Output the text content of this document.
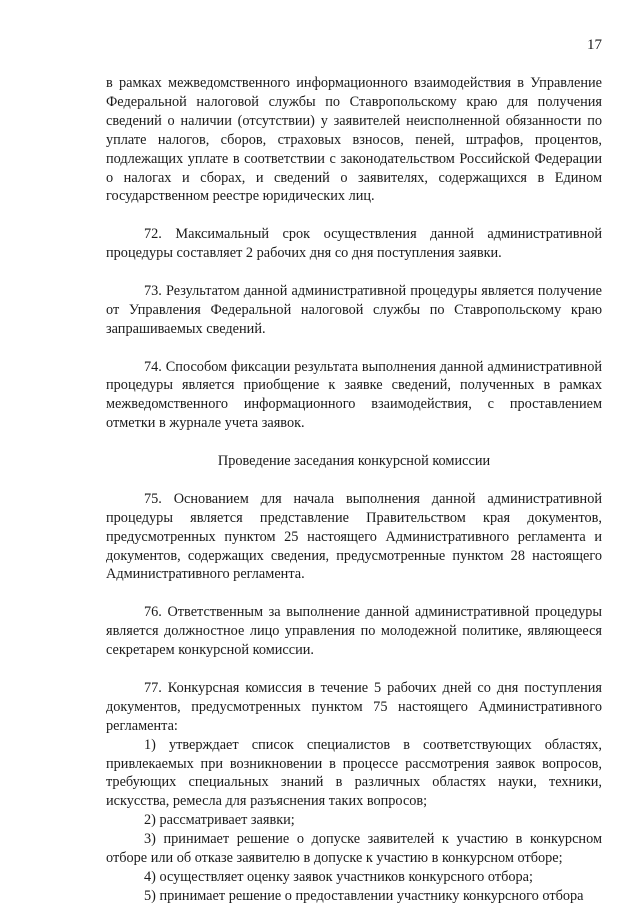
17

в рамках межведомственного информационного взаимодействия в Управление Федеральной налоговой службы по Ставропольскому краю для получения сведений о наличии (отсутствии) у заявителей неисполненной обязанности по уплате налогов, сборов, страховых взносов, пеней, штрафов, процентов, подлежащих уплате в соответствии с законодательством Российской Федерации о налогах и сборах, и сведений о заявителях, содержащихся в Едином государственном реестре юридических лиц.

72. Максимальный срок осуществления данной административной процедуры составляет 2 рабочих дня со дня поступления заявки.

73. Результатом данной административной процедуры является получение от Управления Федеральной налоговой службы по Ставропольскому краю запрашиваемых сведений.

74. Способом фиксации результата выполнения данной административной процедуры является приобщение к заявке сведений, полученных в рамках межведомственного информационного взаимодействия, с проставлением отметки в журнале учета заявок.

Проведение заседания конкурсной комиссии

75. Основанием для начала выполнения данной административной процедуры является представление Правительством края документов, предусмотренных пунктом 25 настоящего Административного регламента и документов, содержащих сведения, предусмотренные пунктом 28 настоящего Административного регламента.

76. Ответственным за выполнение данной административной процедуры является должностное лицо управления по молодежной политике, являющееся секретарем конкурсной комиссии.

77. Конкурсная комиссия в течение 5 рабочих дней со дня поступления документов, предусмотренных пунктом 75 настоящего Административного регламента:

1) утверждает список специалистов в соответствующих областях, привлекаемых при возникновении в процессе рассмотрения заявок вопросов, требующих специальных знаний в различных областях науки, техники, искусства, ремесла для разъяснения таких вопросов;

2) рассматривает заявки;

3) принимает решение о допуске заявителей к участию в конкурсном отборе или об отказе заявителю в допуске к участию в конкурсном отборе;

4) осуществляет оценку заявок участников конкурсного отбора;

5) принимает решение о предоставлении участнику конкурсного отбора
